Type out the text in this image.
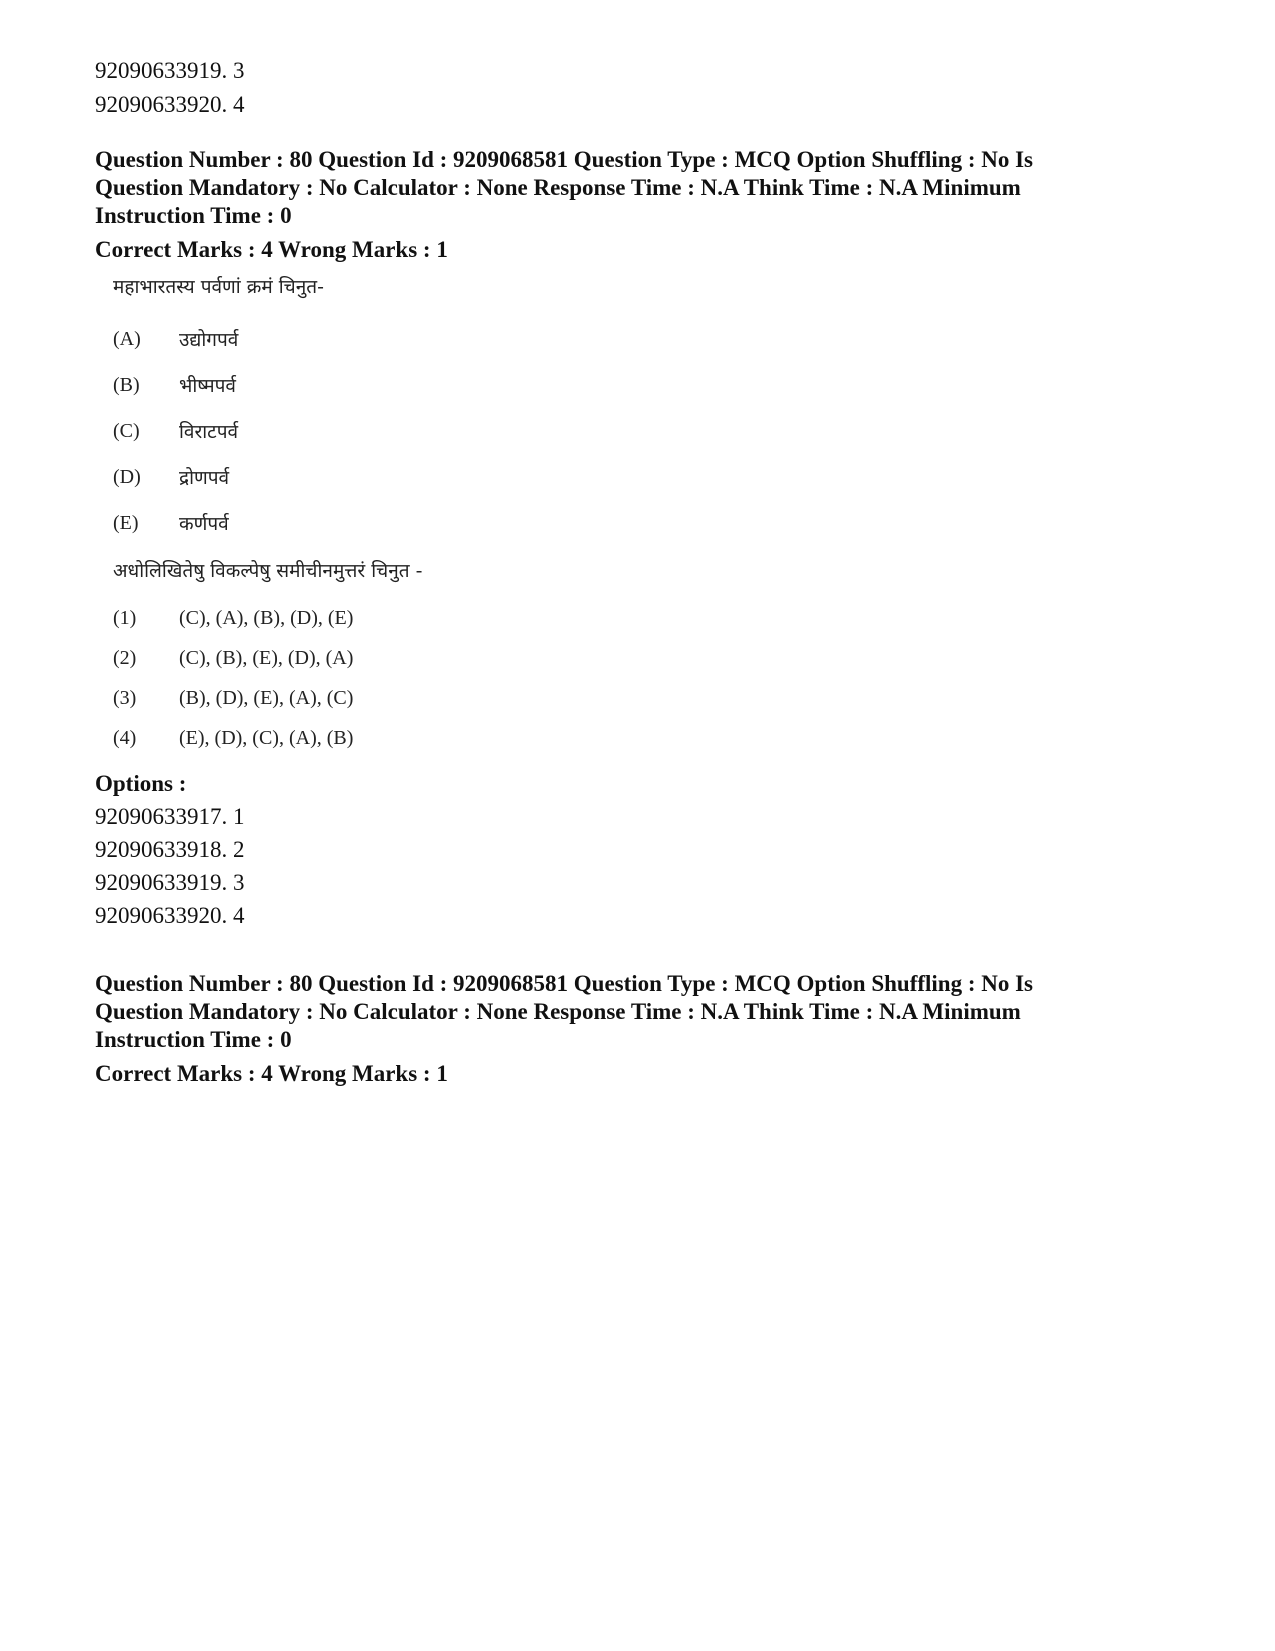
92090633919. 3

92090633920. 4

Question Number : 80 Question Id : 9209068581 Question Type : MCQ Option Shuffling : No Is

Question Mandatory : No Calculator : None Response Time : N.A Think Time : N.A Minimum

Instruction Time : 0

Correct Marks : 4 Wrong Marks : 1
महाभारतस्य पर्वणां क्रमं चिनुत-
(A)	उद्योगपर्व
(B)	भीष्मपर्व
(C)	विराटपर्व
(D)	द्रोणपर्व
(E)	कर्णपर्व
अधोलिखितेषु विकल्पेषु समीचीनमुत्तरं चिनुत -
(1)	(C), (A), (B), (D), (E)
(2)	(C), (B), (E), (D), (A)
(3)	(B), (D), (E), (A), (C)
(4)	(E), (D), (C), (A), (B)
Options :

92090633917. 1

92090633918. 2

92090633919. 3

92090633920. 4

Question Number : 80 Question Id : 9209068581 Question Type : MCQ Option Shuffling : No Is

Question Mandatory : No Calculator : None Response Time : N.A Think Time : N.A Minimum

Instruction Time : 0

Correct Marks : 4 Wrong Marks : 1
